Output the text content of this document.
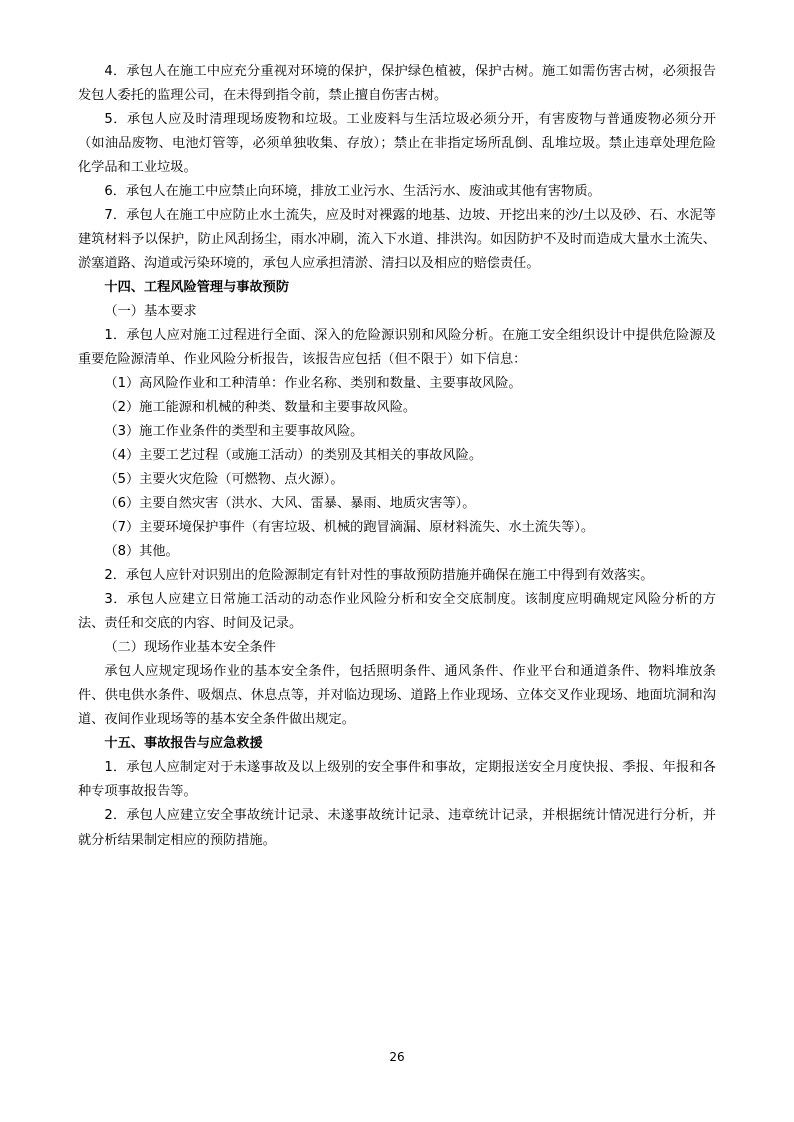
4．承包人在施工中应充分重视对环境的保护，保护绿色植被，保护古树。施工如需伤害古树，必须报告发包人委托的监理公司，在未得到指令前，禁止擅自伤害古树。

5．承包人应及时清理现场废物和垃圾。工业废料与生活垃圾必须分开，有害废物与普通废物必须分开（如油品废物、电池灯管等，必须单独收集、存放）；禁止在非指定场所乱倒、乱堆垃圾。禁止违章处理危险化学品和工业垃圾。

6．承包人在施工中应禁止向环境，排放工业污水、生活污水、废油或其他有害物质。

7．承包人在施工中应防止水土流失，应及时对裸露的地基、边坡、开挖出来的沙/土以及砂、石、水泥等建筑材料予以保护，防止风刮扬尘，雨水冲刷，流入下水道、排洪沟。如因防护不及时而造成大量水土流失、淤塞道路、沟道或污染环境的，承包人应承担清淤、清扫以及相应的赔偿责任。

十四、工程风险管理与事故预防

（一）基本要求

1．承包人应对施工过程进行全面、深入的危险源识别和风险分析。在施工安全组织设计中提供危险源及重要危险源清单、作业风险分析报告，该报告应包括（但不限于）如下信息：

（1）高风险作业和工种清单：作业名称、类别和数量、主要事故风险。

（2）施工能源和机械的种类、数量和主要事故风险。

（3）施工作业条件的类型和主要事故风险。

（4）主要工艺过程（或施工活动）的类别及其相关的事故风险。

（5）主要火灾危险（可燃物、点火源）。

（6）主要自然灾害（洪水、大风、雷暴、暴雨、地质灾害等）。

（7）主要环境保护事件（有害垃圾、机械的跑冒滴漏、原材料流失、水土流失等）。

（8）其他。

2．承包人应针对识别出的危险源制定有针对性的事故预防措施并确保在施工中得到有效落实。

3．承包人应建立日常施工活动的动态作业风险分析和安全交底制度。该制度应明确规定风险分析的方法、责任和交底的内容、时间及记录。

（二）现场作业基本安全条件

承包人应规定现场作业的基本安全条件，包括照明条件、通风条件、作业平台和通道条件、物料堆放条件、供电供水条件、吸烟点、休息点等，并对临边现场、道路上作业现场、立体交叉作业现场、地面坑洞和沟道、夜间作业现场等的基本安全条件做出规定。

十五、事故报告与应急救援

1．承包人应制定对于未遂事故及以上级别的安全事件和事故，定期报送安全月度快报、季报、年报和各种专项事故报告等。

2．承包人应建立安全事故统计记录、未遂事故统计记录、违章统计记录，并根据统计情况进行分析，并就分析结果制定相应的预防措施。

26
